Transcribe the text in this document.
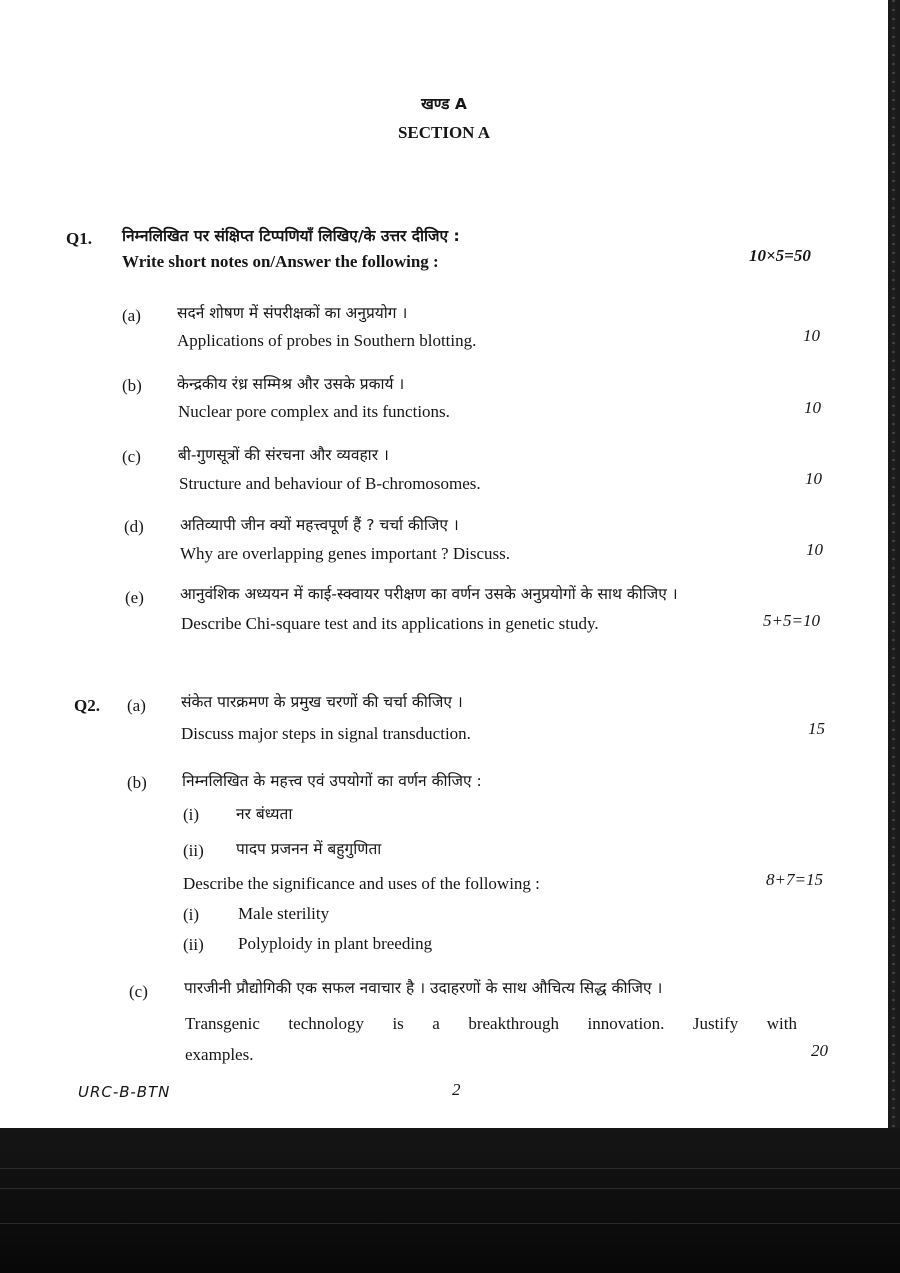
खण्ड A
SECTION A
Q1. निम्नलिखित पर संक्षिप्त टिप्पणियाँ लिखिए/के उत्तर दीजिए :
Write short notes on/Answer the following :	10×5=50
(a) सदर्न शोषण में संपरीक्षकों का अनुप्रयोग ।
Applications of probes in Southern blotting.	10
(b) केन्द्रकीय रंध्र सम्मिश्र और उसके प्रकार्य ।
Nuclear pore complex and its functions.	10
(c) बी-गुणसूत्रों की संरचना और व्यवहार ।
Structure and behaviour of B-chromosomes.	10
(d) अतिव्यापी जीन क्यों महत्त्वपूर्ण हैं ? चर्चा कीजिए ।
Why are overlapping genes important ? Discuss.	10
(e) आनुवंशिक अध्ययन में काई-स्क्वायर परीक्षण का वर्णन उसके अनुप्रयोगों के साथ कीजिए ।
Describe Chi-square test and its applications in genetic study.	5+5=10
Q2. (a) संकेत पारक्रमण के प्रमुख चरणों की चर्चा कीजिए ।
Discuss major steps in signal transduction.	15
(b) निम्नलिखित के महत्त्व एवं उपयोगों का वर्णन कीजिए :
(i) नर बंध्यता
(ii) पादप प्रजनन में बहुगुणिता
Describe the significance and uses of the following :	8+7=15
(i) Male sterility
(ii) Polyploidy in plant breeding
(c) पारजीनी प्रौद्योगिकी एक सफल नवाचार है । उदाहरणों के साथ औचित्य सिद्ध कीजिए ।
Transgenic technology is a breakthrough innovation. Justify with
examples.	20
URC-B-BTN	2
